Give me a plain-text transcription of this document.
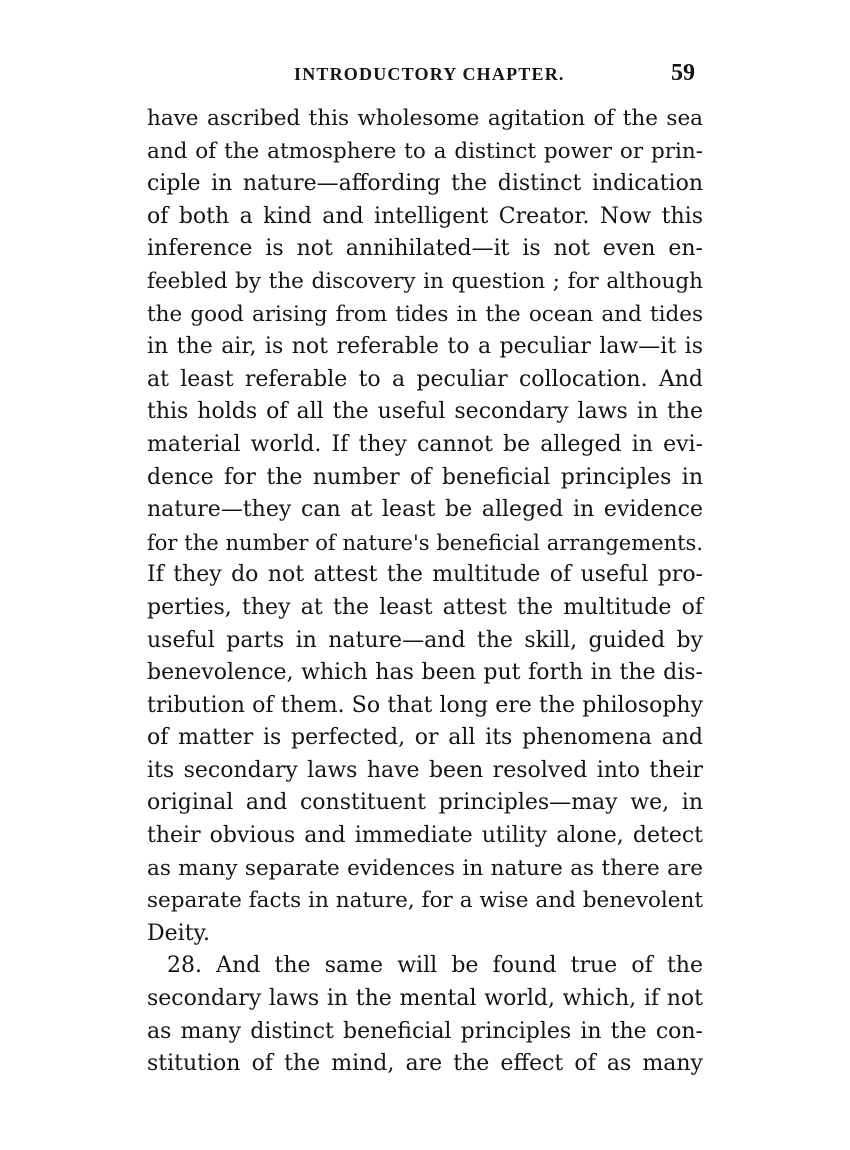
INTRODUCTORY CHAPTER.	59
have ascribed this wholesome agitation of the sea
and of the atmosphere to a distinct power or prin-
ciple in nature—affording the distinct indication
of both a kind and intelligent Creator. Now this
inference is not annihilated—it is not even en-
feebled by the discovery in question ; for although
the good arising from tides in the ocean and tides
in the air, is not referable to a peculiar law—it is
at least referable to a peculiar collocation. And
this holds of all the useful secondary laws in the
material world. If they cannot be alleged in evi-
dence for the number of beneficial principles in
nature—they can at least be alleged in evidence
for the number of nature's beneficial arrangements.
If they do not attest the multitude of useful pro-
perties, they at the least attest the multitude of
useful parts in nature—and the skill, guided by
benevolence, which has been put forth in the dis-
tribution of them. So that long ere the philosophy
of matter is perfected, or all its phenomena and
its secondary laws have been resolved into their
original and constituent principles—may we, in
their obvious and immediate utility alone, detect
as many separate evidences in nature as there are
separate facts in nature, for a wise and benevolent
Deity.
28. And the same will be found true of the
secondary laws in the mental world, which, if not
as many distinct beneficial principles in the con-
stitution of the mind, are the effect of as many
